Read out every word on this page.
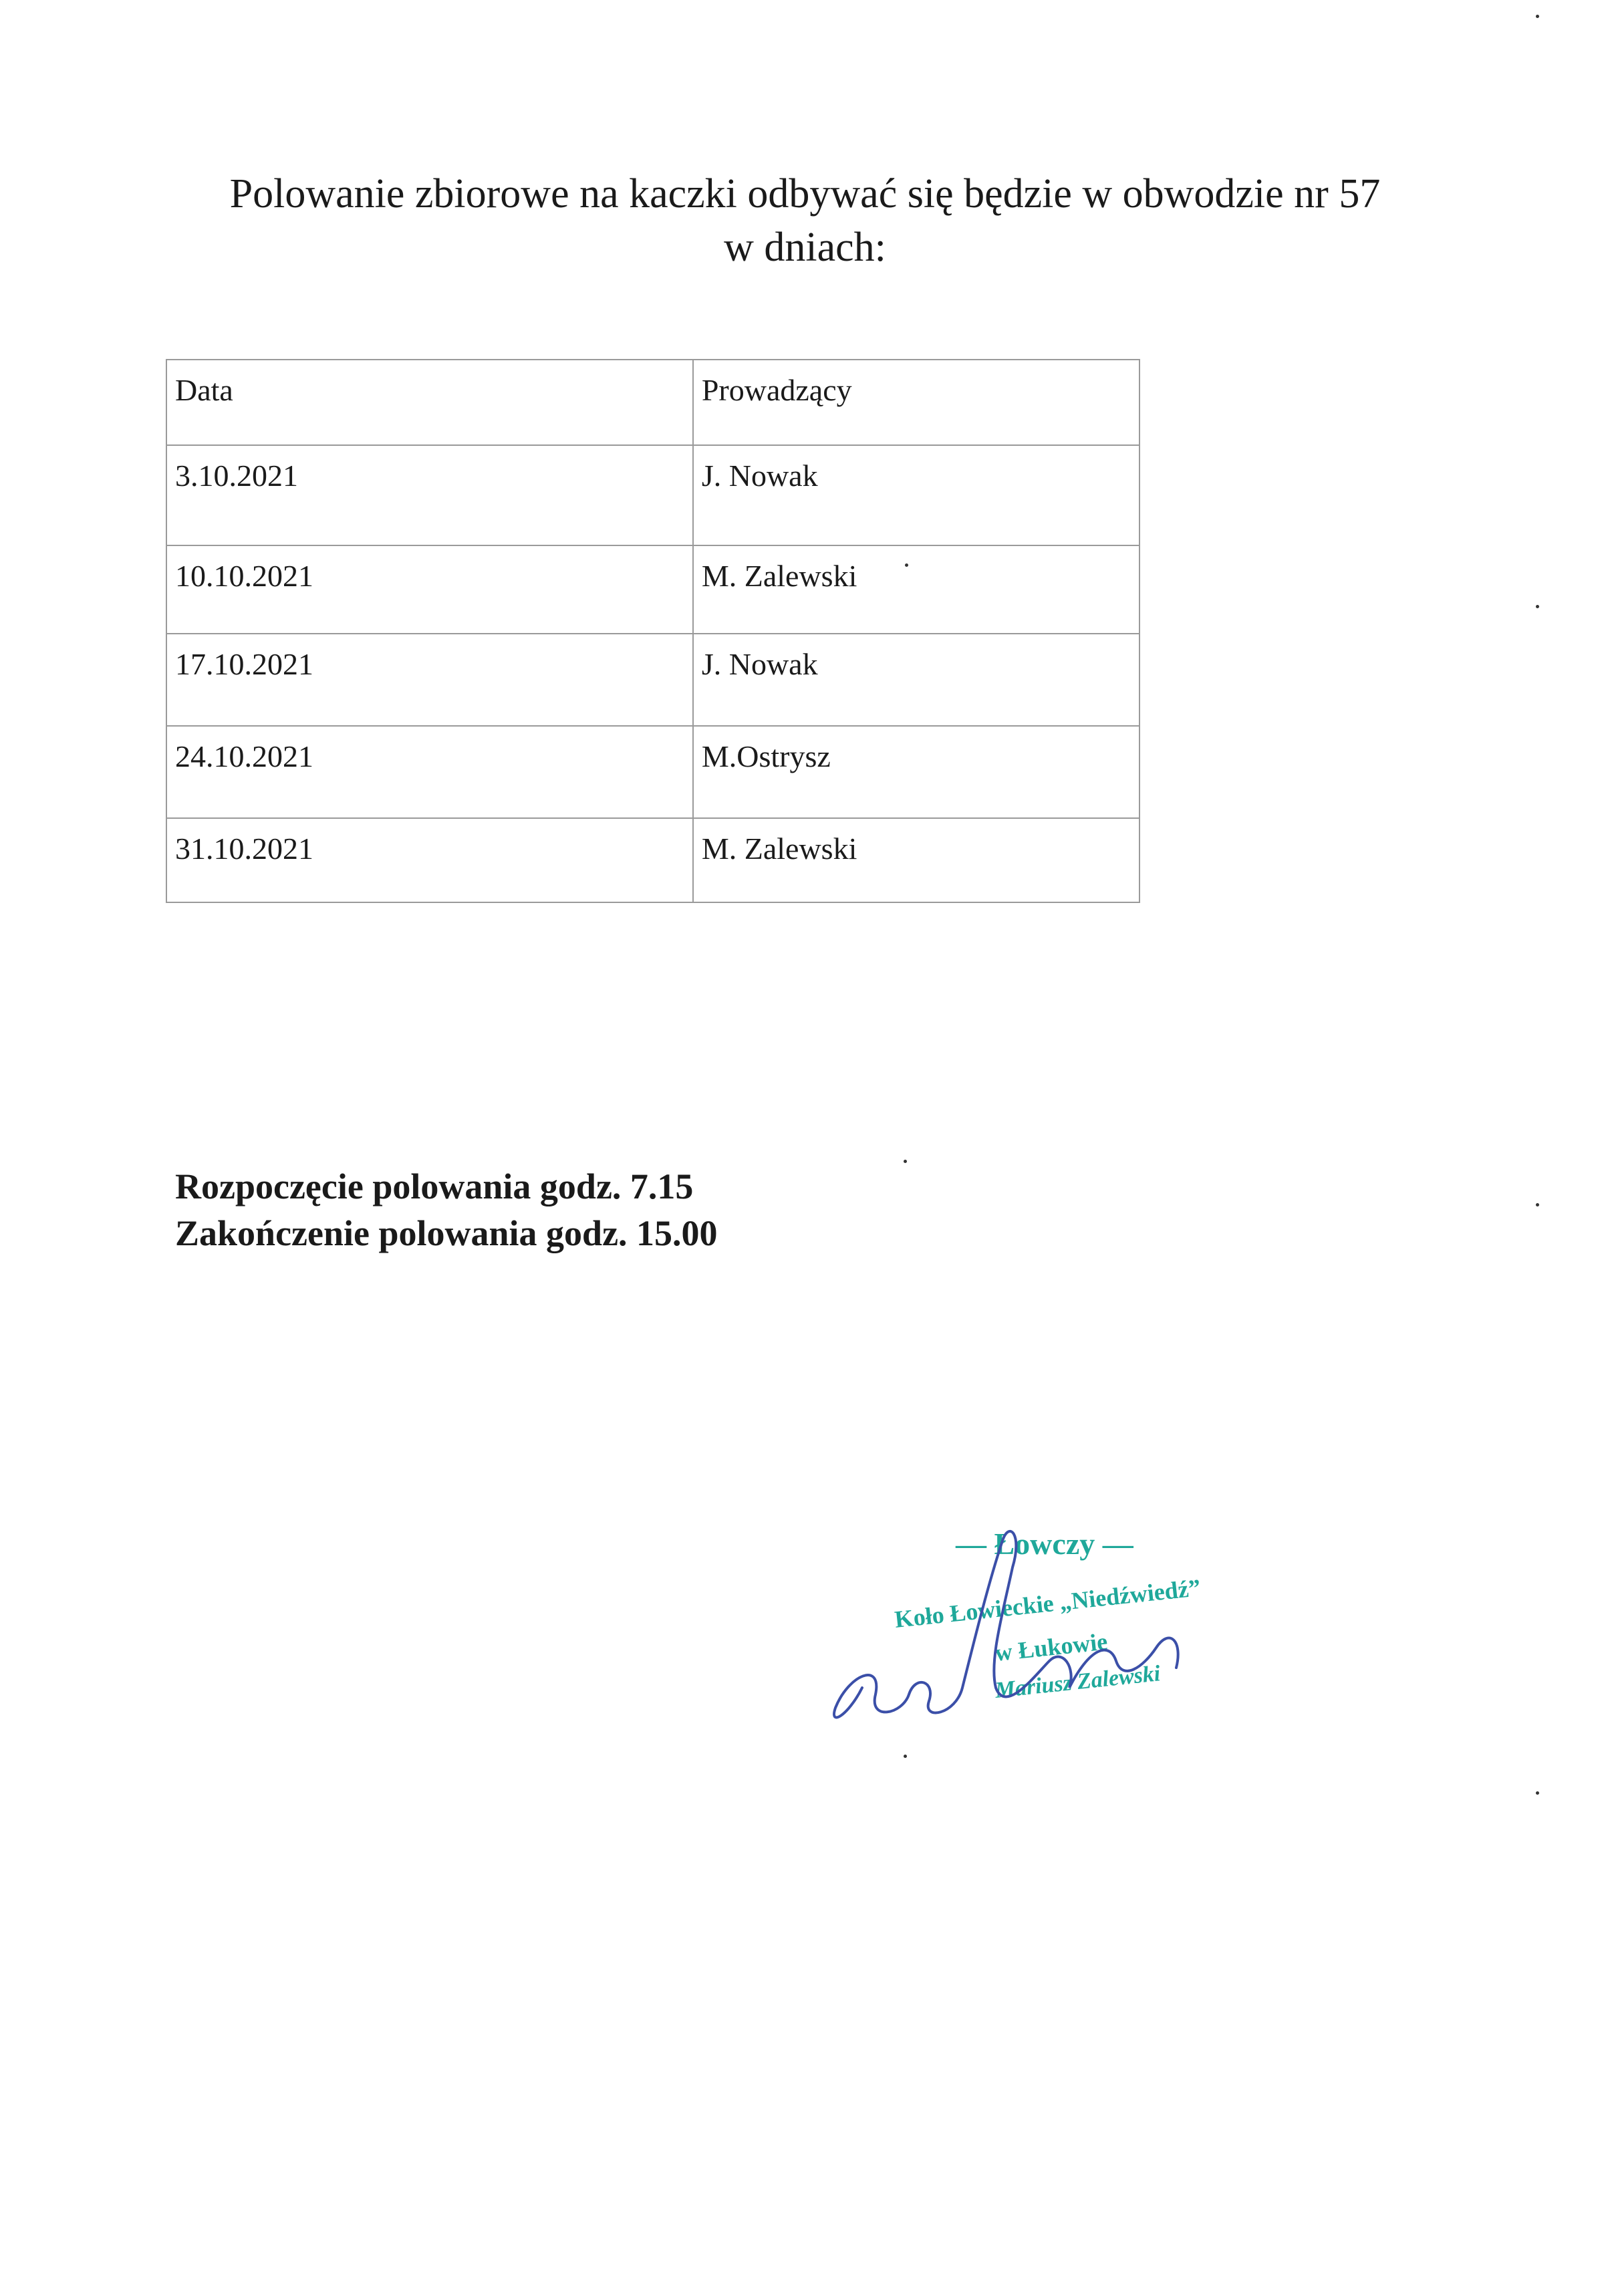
Polowanie zbiorowe na kaczki odbywać się będzie w obwodzie nr 57
w dniach:
Data	Prowadzący
3.10.2021	J. Nowak
10.10.2021	M. Zalewski
17.10.2021	J. Nowak
24.10.2021	M.Ostrysz
31.10.2021	M. Zalewski
Rozpoczęcie polowania godz. 7.15
Zakończenie polowania godz. 15.00
— Łowczy —
Koło Łowieckie „Niedźwiedź”
w Łukowie
Mariusz Zalewski
